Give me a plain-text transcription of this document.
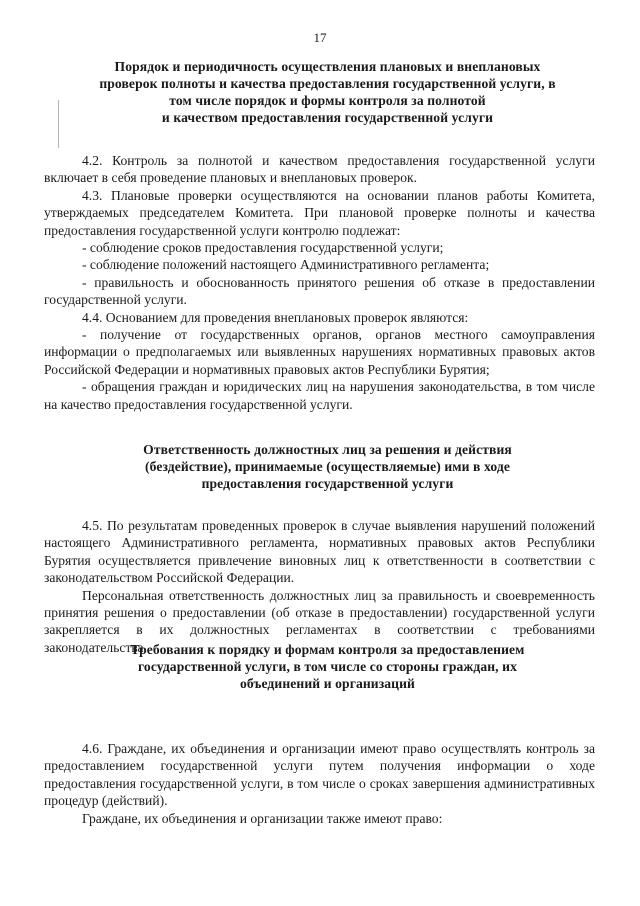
17
Порядок и периодичность осуществления плановых и внеплановых
проверок полноты и качества предоставления государственной услуги, в
том числе порядок и формы контроля за полнотой
и качеством предоставления государственной услуги

4.2. Контроль за полнотой и качеством предоставления государственной услуги включает в себя проведение плановых и внеплановых проверок.

4.3. Плановые проверки осуществляются на основании планов работы Комитета, утверждаемых председателем Комитета. При плановой проверке полноты и качества предоставления государственной услуги контролю подлежат:

- соблюдение сроков предоставления государственной услуги;

- соблюдение положений настоящего Административного регламента;

- правильность и обоснованность принятого решения об отказе в предоставлении государственной услуги.

4.4. Основанием для проведения внеплановых проверок являются:

- получение от государственных органов, органов местного самоуправления информации о предполагаемых или выявленных нарушениях нормативных правовых актов Российской Федерации и нормативных правовых актов Республики Бурятия;

- обращения граждан и юридических лиц на нарушения законодательства, в том числе на качество предоставления государственной услуги.

Ответственность должностных лиц за решения и действия
(бездействие), принимаемые (осуществляемые) ими в ходе
предоставления государственной услуги

4.5. По результатам проведенных проверок в случае выявления нарушений положений настоящего Административного регламента, нормативных правовых актов Республики Бурятия осуществляется привлечение виновных лиц к ответственности в соответствии с законодательством Российской Федерации.

Персональная ответственность должностных лиц за правильность и своевременность принятия решения о предоставлении (об отказе в предоставлении) государственной услуги закрепляется в их должностных регламентах в соответствии с требованиями законодательства.

Требования к порядку и формам контроля за предоставлением
государственной услуги, в том числе со стороны граждан, их
объединений и организаций

4.6. Граждане, их объединения и организации имеют право осуществлять контроль за предоставлением государственной услуги путем получения информации о ходе предоставления государственной услуги, в том числе о сроках завершения административных процедур (действий).

Граждане, их объединения и организации также имеют право:
